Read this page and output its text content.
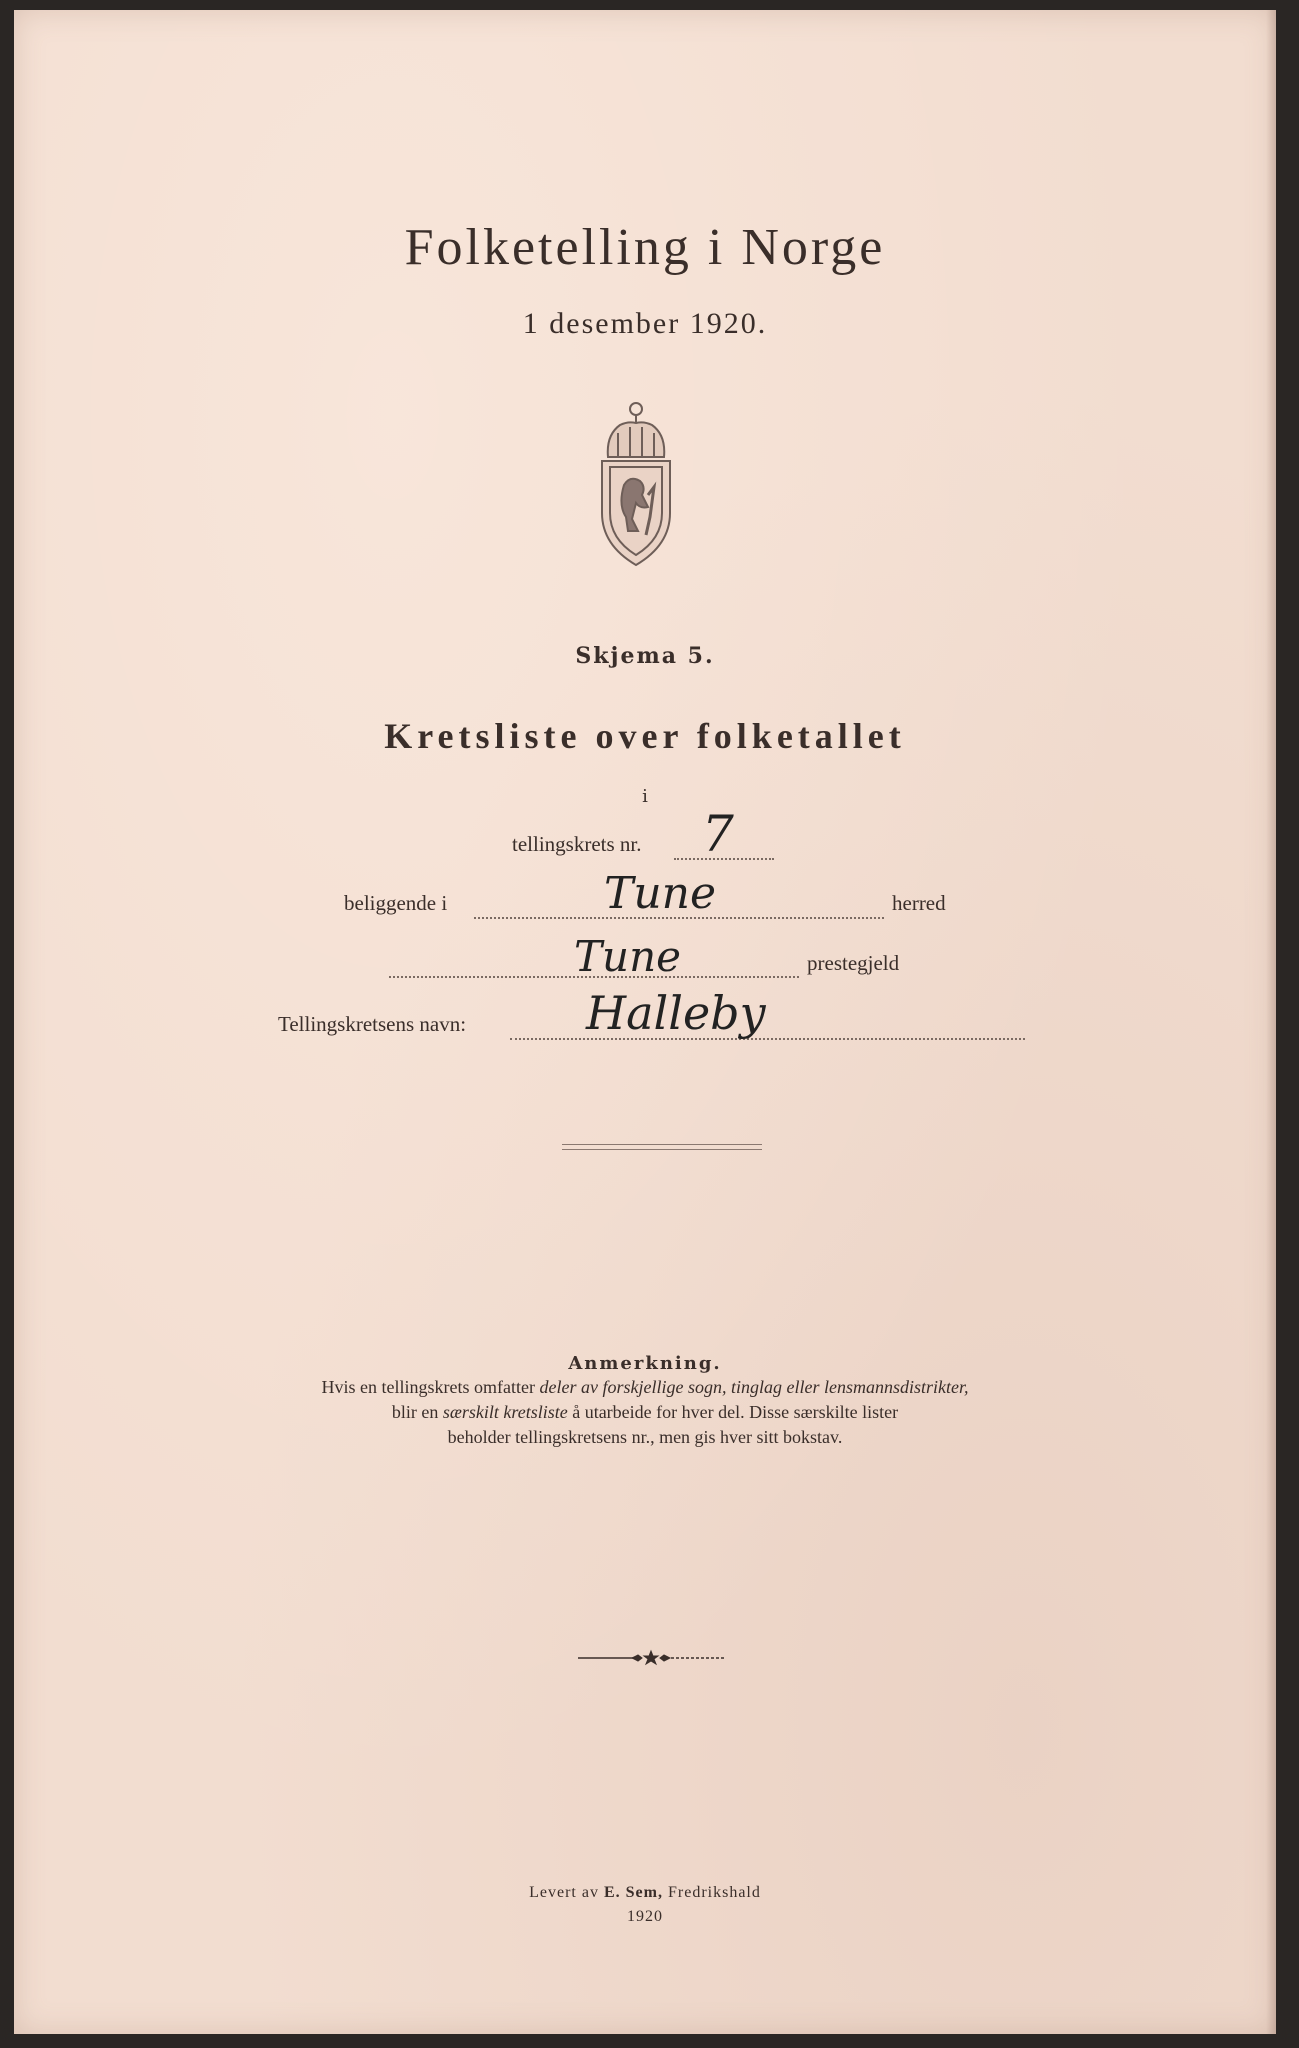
Folketelling i Norge
1 desember 1920.
Skjema 5.
Kretsliste over folketallet
i
tellingskrets nr. 7
beliggende i	Tune	herred
Tune	prestegjeld
Tellingskretsens navn:	Halleby
Anmerkning.
Hvis en tellingskrets omfatter deler av forskjellige sogn, tinglag eller lensmannsdistrikter,
blir en særskilt kretsliste å utarbeide for hver del. Disse særskilte lister
beholder tellingskretsens nr., men gis hver sitt bokstav.
Levert av E. Sem, Fredrikshald
1920
